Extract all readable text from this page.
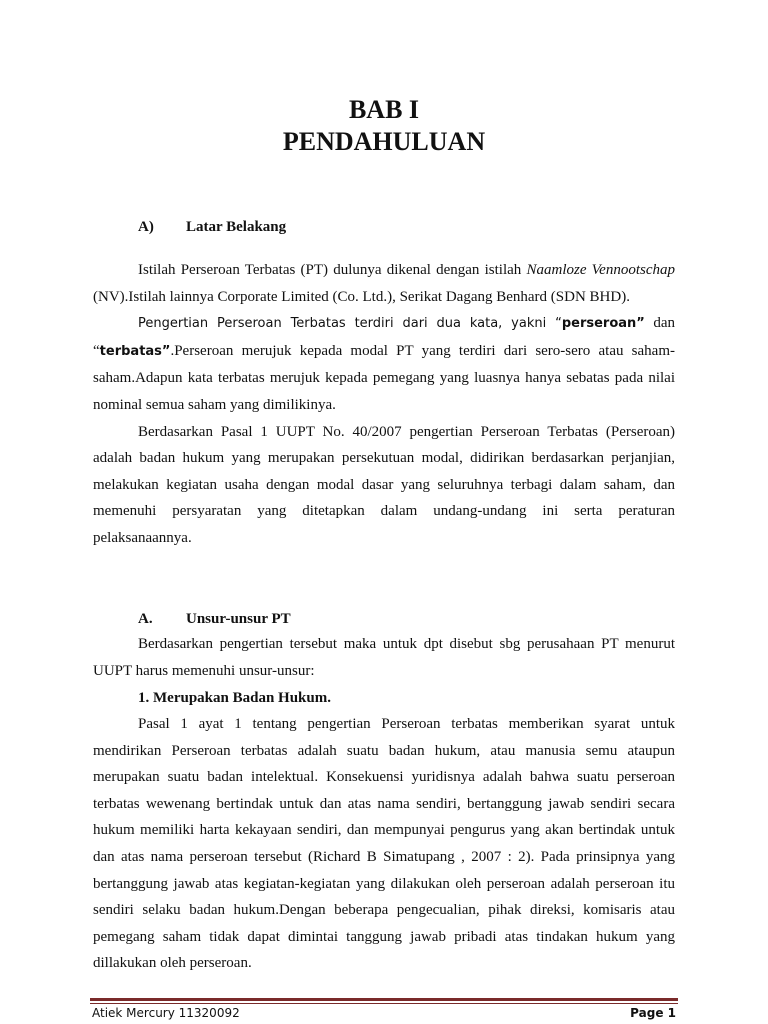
BAB I
PENDAHULUAN
A) Latar Belakang

Istilah Perseroan Terbatas (PT) dulunya dikenal dengan istilah Naamloze Vennootschap (NV).Istilah lainnya Corporate Limited (Co. Ltd.), Serikat Dagang Benhard (SDN BHD).

Pengertian Perseroan Terbatas terdiri dari dua kata, yakni “perseroan” dan “terbatas”.Perseroan merujuk kepada modal PT yang terdiri dari sero-sero atau saham-saham.Adapun kata terbatas merujuk kepada pemegang yang luasnya hanya sebatas pada nilai nominal semua saham yang dimilikinya.

Berdasarkan Pasal 1 UUPT No. 40/2007 pengertian Perseroan Terbatas (Perseroan) adalah badan hukum yang merupakan persekutuan modal, didirikan berdasarkan perjanjian, melakukan kegiatan usaha dengan modal dasar yang seluruhnya terbagi dalam saham, dan memenuhi persyaratan yang ditetapkan dalam undang-undang ini serta peraturan pelaksanaannya.

A. Unsur-unsur PT

Berdasarkan pengertian tersebut maka untuk dpt disebut sbg perusahaan PT menurut UUPT harus memenuhi unsur-unsur:

1. Merupakan Badan Hukum.

Pasal 1 ayat 1 tentang pengertian Perseroan terbatas memberikan syarat untuk mendirikan Perseroan terbatas adalah suatu badan hukum, atau manusia semu ataupun merupakan suatu badan intelektual. Konsekuensi yuridisnya adalah bahwa suatu perseroan terbatas wewenang bertindak untuk dan atas nama sendiri, bertanggung jawab sendiri secara hukum memiliki harta kekayaan sendiri, dan mempunyai pengurus yang akan bertindak untuk dan atas nama perseroan tersebut (Richard B Simatupang , 2007 : 2). Pada prinsipnya yang bertanggung jawab atas kegiatan-kegiatan yang dilakukan oleh perseroan adalah perseroan itu sendiri selaku badan hukum.Dengan beberapa pengecualian, pihak direksi, komisaris atau pemegang saham tidak dapat dimintai tanggung jawab pribadi atas tindakan hukum yang dillakukan oleh perseroan.

Atiek Mercury 11320092	Page 1
